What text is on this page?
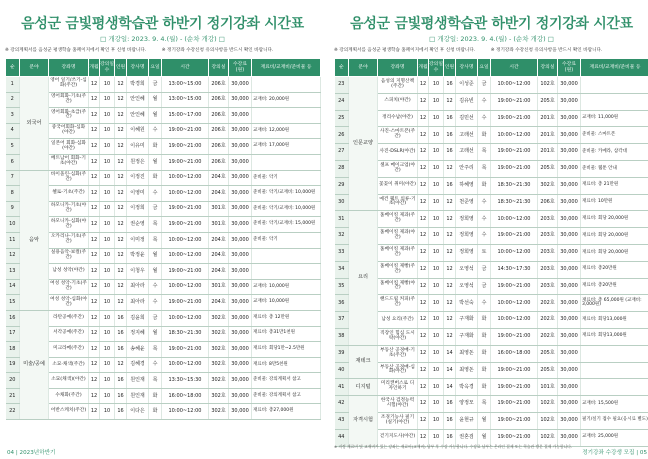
음성군 금빛평생학습관 하반기 정기강좌 시간표
□ 개강일: 2023. 9. 4.(월) - (순차 개강) □
※ 강의계획서를 음성군 평생학습 홈페이지에서 확인 후 신청 바랍니다.	※ 정기강좌 수강신청 유의사항을 반드시 확인 바랍니다.
순	분야	강좌명	개월	강의일수	인원	강사명	요일	시간	강의실	수강료(원)	재료비/교재비/준비물 등
1	외국어	영어 일기/쓰기-심화(주간)	12	10	12	박경희	금	13:00~15:00	206호	30,000	
2		영어회화-기초(주간)	12	10	12	안인혜	월	13:00~15:00	206호	30,000	교재비: 20,000원
3		영어회화-초급(주간)	12	10	12	안인혜	월	15:00~17:00	206호	30,000	
4		중국어회화-심화(야간)	12	10	12	이혜원	수	19:00~21:00	206호	30,000	교재비: 12,000원
5		일본어 회화-심화(야간)	12	10	12	이유미	화	19:00~21:00	206호	30,000	교재비: 17,000원
6		베트남어 회화-기초(야간)	12	10	12	원정은	월	19:00~21:00	206호	30,000	
7	음악	바이올린-심화(주간)	12	10	12	이정진	화	10:00~12:00	204호	30,000	준비물: 악기
8		첼로-기초(주간)	12	10	12	이영미	수	10:00~12:00	204호	30,000	준비물: 악기/교재비: 10,000원
9		하모니카-기초(야간)	12	10	12	이정희	금	19:00~21:00	301호	30,000	준비물: 악기/교재비: 10,000원
10		하모니카-심화(야간)	12	10	12	권순영	목	19:00~21:00	301호	30,000	준비물: 악기/교재비: 15,000원
11		오카리나-기초(주간)	12	10	12	이미정	목	10:00~12:00	204호	30,000	준비물: 악기
12		실용음악-보컬(주간)	12	10	12	박정윤	월	10:00~12:00	204호	30,000	
13		남성 성악(야간)	12	10	12	이청우	월	19:00~21:00	204호	30,000	
14		여성 성악-기초(주간)	12	10	12	최아라	수	10:00~12:00	301호	30,000	교재비: 10,000원
15		여성 성악-심화(야간)	12	10	12	최아라	수	19:00~21:00	204호	30,000	교재비: 10,000원
16	미술/공예	라탄공예(주간)	12	10	16	김윤희	금	10:00~12:00	302호	30,000	재료비: 총 12만원
17		서각공예(주간)	12	10	16	정지혜	월	18:30~21:30	302호	30,000	재료비: 총31만1천원
18		미크라메(주간)	12	10	16	송혜윤	목	19:00~21:00	302호	30,000	재료비: 회당1만~2.5만원
19		소묘·채색(주간)	12	10	12	김혜경	수	10:00~12:00	302호	30,000	재료비: 8만5천원
20		소묘(채색)(야간)	12	10	16	원인재	목	13:30~15:30	302호	30,000	준비물: 강의계획서 참고
21		수채화(주간)	12	10	16	원인재	화	16:00~18:00	302호	30,000	준비물: 강의계획서 참고
22		어반스케치(주간)	12	10	16	이다은	화	10:00~12:00	302호	30,000	재료비: 총27,000원
04 | 2023년하반기
음성군 금빛평생학습관 하반기 정기강좌 시간표
□ 개강일: 2023. 9. 4.(월) - (순차 개강) □
※ 강의계획서를 음성군 평생학습 홈페이지에서 확인 후 신청 바랍니다.	※ 정기강좌 수강신청 유의사항을 반드시 확인 바랍니다.
순	분야	강좌명	개월	강의일수	인원	강사명	요일	시간	강의실	수강료(원)	재료비/교재비/준비물 등
23	인문교양	음성의 지명산책(주간)	12	10	16	이성준	금	10:00~12:00	102호	30,000	
24		스피치(야간)	12	10	12	김유빈	수	19:00~21:00	205호	30,000	
25		정리수납(야간)	12	10	16	김민선	수	19:00~21:00	201호	30,000	교재비: 11,000원
26		사진-스마트폰(주간)	12	10	16	고래선	화	10:00~12:00	201호	30,000	준비물: 스마트폰
27		사진-DSLR(야간)	12	10	16	고래선	목	19:00~21:00	201호	30,000	준비물: 카메라, 삼각대
28		셀프 메이크업(야간)	12	10	12	안주리	목	19:00~21:00	205호	30,000	준비물: 웹툰 안내
29		꽃꽂이 취미(야간)	12	10	16	하혜영	화	18:30~21:30	302호	30,000	재료비: 총 21만원
30		예건 웰트 의류-기초(야간)	12	10	12	천준영	수	18:30~21:30	206호	30,000	재료비: 10만원
31	요리	홈베이킹 제과(주간)	12	10	12	정희영	수	10:00~12:00	203호	30,000	재료비: 회당 20,000원
32		홈베이킹 제과(야간)	12	10	12	정희영	수	19:00~21:00	203호	30,000	재료비: 회당 20,000원
33		홈베이킹 제과(주간)	12	10	12	정희영	토	10:00~12:00	203호	30,000	재료비: 회당 20,000원
34		홈베이킹 제빵(주간)	12	10	12	오영석	금	14:30~17:30	203호	30,000	재료비: 총20만원
35		홈베이킹 제빵(야간)	12	10	12	오영석	금	19:00~21:00	203호	30,000	재료비: 총20만원
36		핸드드립 커피(주간)	12	10	12	박선숙	수	10:00~12:00	202호	30,000	재료비: 총 65,000원 (교재비: 3,000원)
37		남성 요리(주간)	12	10	12	구재화	화	10:00~12:00	202호	30,000	재료비: 회당13,000원
38		직장인 힘심 도시락(야간)	12	10	12	구재화	화	19:00~21:00	202호	30,000	재료비: 회당13,000원
39	재테크	부동산 공경매-기초(주간)	12	10	14	최영돈	화	16:00~18:00	205호	30,000	
40		부동산 공경매-심화(야간)	12	10	14	최영돈	화	19:00~21:00	205호	30,000	
41	디지털	미리캔버스로 디자인하기	12	10	14	박옥경	화	19:00~21:00	101호	30,000	
42	자격시험	한국사 검정능력시험(야간)	12	10	16	양정모	목	19:00~21:00	102호	30,000	교재비: 15,500원
43		조경기능사 필기(실기(야간)	12	10	16	윤현규	월	19:00~21:00	102호	30,000	필기/실기 접수 필요(응시료 별도)
44		걷기지도사(야간)	12	10	16	권혼검	월	19:00~21:00	102호	30,000	교재비: 25,000원
※ 지정 재료비 및 교재비가 있는 강좌는 재료비(교재비) 납부 후 수강 가능합니다. 수강료 납부는 온라인 결제 또는 학습관 방문 결제 가능합니다.
정기강좌 수강생 모집 | 05
